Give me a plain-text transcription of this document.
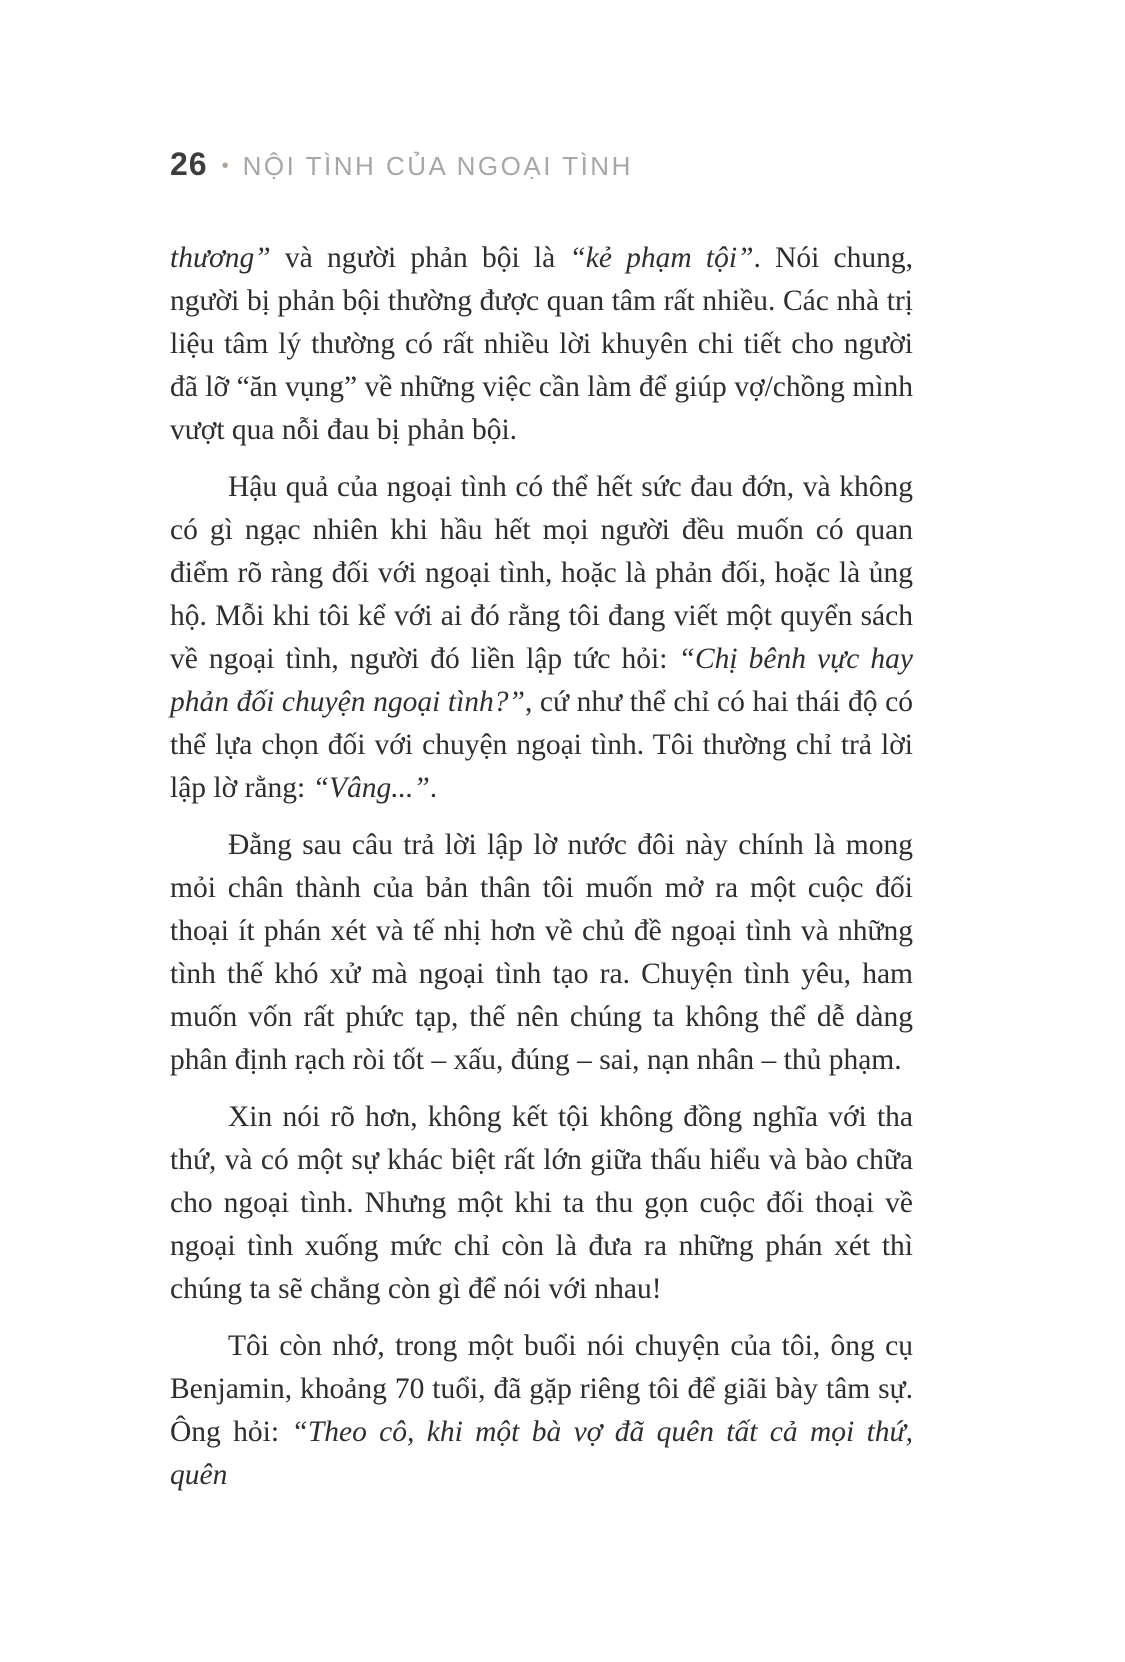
26 • NỘI TÌNH CỦA NGOẠI TÌNH

thương” và người phản bội là “kẻ phạm tội”. Nói chung, người bị phản bội thường được quan tâm rất nhiều. Các nhà trị liệu tâm lý thường có rất nhiều lời khuyên chi tiết cho người đã lỡ “ăn vụng” về những việc cần làm để giúp vợ/chồng mình vượt qua nỗi đau bị phản bội.

Hậu quả của ngoại tình có thể hết sức đau đớn, và không có gì ngạc nhiên khi hầu hết mọi người đều muốn có quan điểm rõ ràng đối với ngoại tình, hoặc là phản đối, hoặc là ủng hộ. Mỗi khi tôi kể với ai đó rằng tôi đang viết một quyển sách về ngoại tình, người đó liền lập tức hỏi: “Chị bênh vực hay phản đối chuyện ngoại tình?”, cứ như thể chỉ có hai thái độ có thể lựa chọn đối với chuyện ngoại tình. Tôi thường chỉ trả lời lập lờ rằng: “Vâng...”.

Đằng sau câu trả lời lập lờ nước đôi này chính là mong mỏi chân thành của bản thân tôi muốn mở ra một cuộc đối thoại ít phán xét và tế nhị hơn về chủ đề ngoại tình và những tình thế khó xử mà ngoại tình tạo ra. Chuyện tình yêu, ham muốn vốn rất phức tạp, thế nên chúng ta không thể dễ dàng phân định rạch ròi tốt – xấu, đúng – sai, nạn nhân – thủ phạm.

Xin nói rõ hơn, không kết tội không đồng nghĩa với tha thứ, và có một sự khác biệt rất lớn giữa thấu hiểu và bào chữa cho ngoại tình. Nhưng một khi ta thu gọn cuộc đối thoại về ngoại tình xuống mức chỉ còn là đưa ra những phán xét thì chúng ta sẽ chẳng còn gì để nói với nhau!

Tôi còn nhớ, trong một buổi nói chuyện của tôi, ông cụ Benjamin, khoảng 70 tuổi, đã gặp riêng tôi để giãi bày tâm sự. Ông hỏi: “Theo cô, khi một bà vợ đã quên tất cả mọi thứ, quên
